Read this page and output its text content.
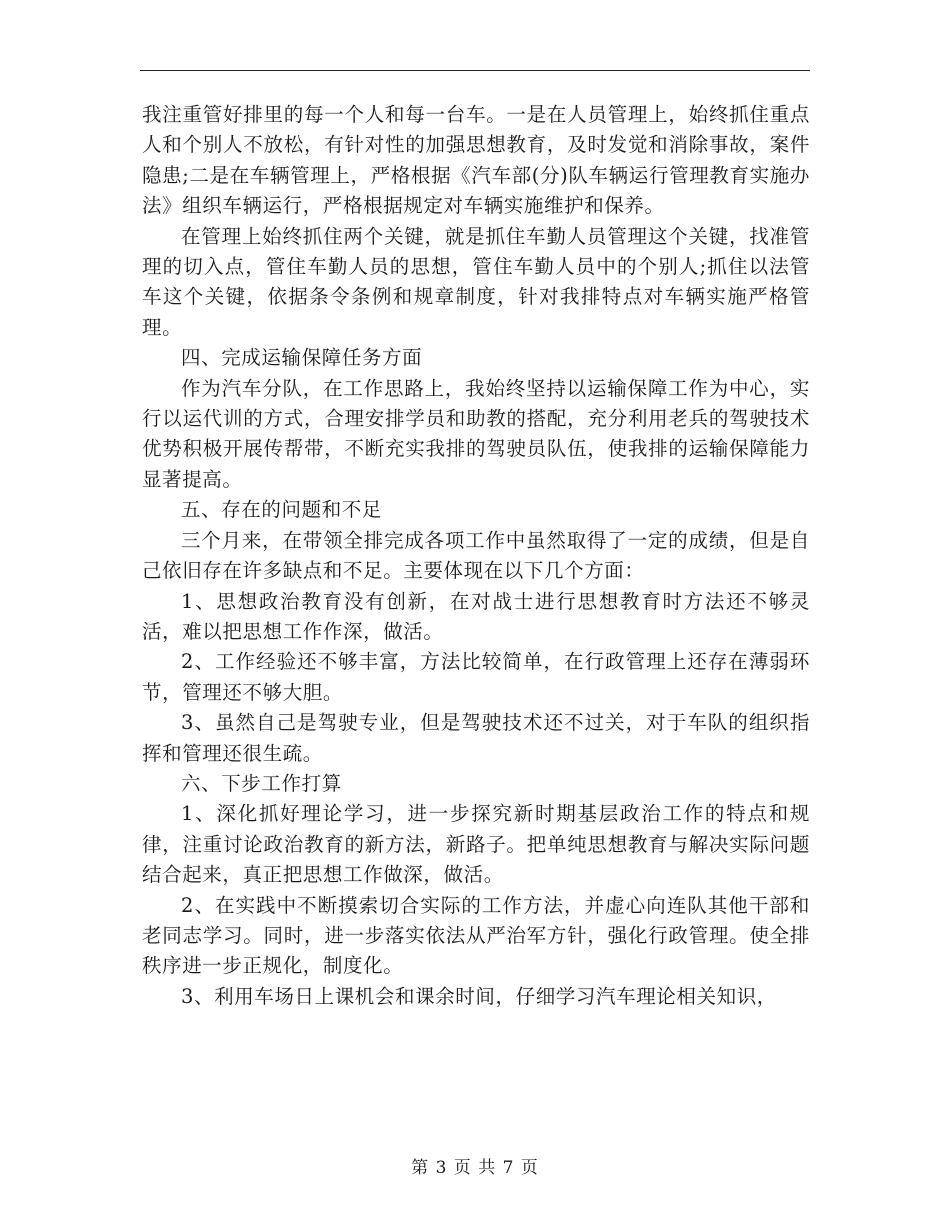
我注重管好排里的每一个人和每一台车。一是在人员管理上，始终抓住重点人和个别人不放松，有针对性的加强思想教育，及时发觉和消除事故，案件隐患;二是在车辆管理上，严格根据《汽车部(分)队车辆运行管理教育实施办法》组织车辆运行，严格根据规定对车辆实施维护和保养。

在管理上始终抓住两个关键，就是抓住车勤人员管理这个关键，找准管理的切入点，管住车勤人员的思想，管住车勤人员中的个别人;抓住以法管车这个关键，依据条令条例和规章制度，针对我排特点对车辆实施严格管理。

四、完成运输保障任务方面

作为汽车分队，在工作思路上，我始终坚持以运输保障工作为中心，实行以运代训的方式，合理安排学员和助教的搭配，充分利用老兵的驾驶技术优势积极开展传帮带，不断充实我排的驾驶员队伍，使我排的运输保障能力显著提高。

五、存在的问题和不足

三个月来，在带领全排完成各项工作中虽然取得了一定的成绩，但是自己依旧存在许多缺点和不足。主要体现在以下几个方面：

1、思想政治教育没有创新，在对战士进行思想教育时方法还不够灵活，难以把思想工作作深，做活。

2、工作经验还不够丰富，方法比较简单，在行政管理上还存在薄弱环节，管理还不够大胆。

3、虽然自己是驾驶专业，但是驾驶技术还不过关，对于车队的组织指挥和管理还很生疏。

六、下步工作打算

1、深化抓好理论学习，进一步探究新时期基层政治工作的特点和规律，注重讨论政治教育的新方法，新路子。把单纯思想教育与解决实际问题结合起来，真正把思想工作做深，做活。

2、在实践中不断摸索切合实际的工作方法，并虚心向连队其他干部和老同志学习。同时，进一步落实依法从严治军方针，强化行政管理。使全排秩序进一步正规化，制度化。

3、利用车场日上课机会和课余时间，仔细学习汽车理论相关知识，

第 3 页 共 7 页
